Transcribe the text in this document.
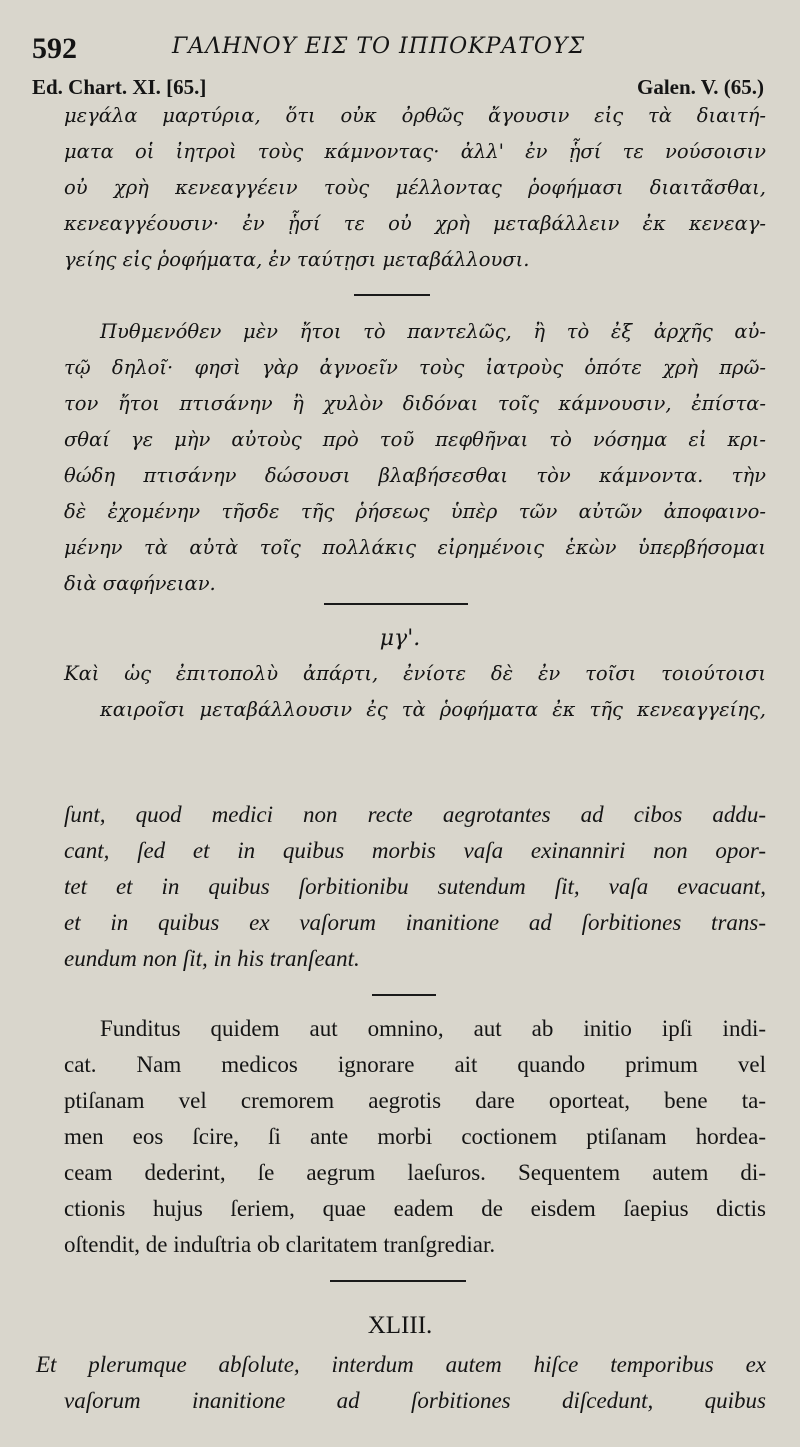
592	ΓΑΛΗΝΟΥ ΕΙΣ ΤΟ ΙΠΠΟΚΡΑΤΟΥΣ
Ed. Chart. XI. [65.]	Galen. V. (65.)
μεγάλα μαρτύρια, ὅτι οὐκ ὀρθῶς ἄγουσιν εἰς τὰ διαιτή-
ματα οἱ ἰητροὶ τοὺς κάμνοντας· ἀλλ' ἐν ᾗσί τε νούσοισιν
οὐ χρὴ κενεαγγέειν τοὺς μέλλοντας ῥοφήμασι διαιτᾶσθαι,
κενεαγγέουσιν· ἐν ᾗσί τε οὐ χρὴ μεταβάλλειν ἐκ κενεαγ-
γείης εἰς ῥοφήματα, ἐν ταύτῃσι μεταβάλλουσι.
Πυθμενόθεν μὲν ἤτοι τὸ παντελῶς, ἢ τὸ ἐξ ἀρχῆς αὐ-
τῷ δηλοῖ· φησὶ γὰρ ἀγνοεῖν τοὺς ἰατροὺς ὁπότε χρὴ πρῶ-
τον ἤτοι πτισάνην ἢ χυλὸν διδόναι τοῖς κάμνουσιν, ἐπίστα-
σθαί γε μὴν αὐτοὺς πρὸ τοῦ πεφθῆναι τὸ νόσημα εἰ κρι-
θώδη πτισάνην δώσουσι βλαβήσεσθαι τὸν κάμνοντα. τὴν
δὲ ἐχομένην τῆσδε τῆς ῥήσεως ὑπὲρ τῶν αὐτῶν ἀποφαινο-
μένην τὰ αὐτὰ τοῖς πολλάκις εἰρημένοις ἑκὼν ὑπερβήσομαι
διὰ σαφήνειαν.
μγ'.
Καὶ ὡς ἐπιτοπολὺ ἀπάρτι, ἐνίοτε δὲ ἐν τοῖσι τοιούτοισι
καιροῖσι μεταβάλλουσιν ἐς τὰ ῥοφήματα ἐκ τῆς κενεαγγείης,
ſunt, quod medici non recte aegrotantes ad cibos addu-
cant, ſed et in quibus morbis vaſa exinanniri non opor-
tet et in quibus ſorbitionibu sutendum ſit, vaſa evacuant,
et in quibus ex vaſorum inanitione ad ſorbitiones trans-
eundum non ſit, in his tranſeant.
Funditus quidem aut omnino, aut ab initio ipſi indi-
cat. Nam medicos ignorare ait quando primum vel
ptiſanam vel cremorem aegrotis dare oporteat, bene ta-
men eos ſcire, ſi ante morbi coctionem ptiſanam hordea-
ceam dederint, ſe aegrum laeſuros. Sequentem autem di-
ctionis hujus ſeriem, quae eadem de eisdem ſaepius dictis
oſtendit, de induſtria ob claritatem tranſgrediar.
XLIII.
Et plerumque abſolute, interdum autem hiſce temporibus ex
vaſorum inanitione ad ſorbitiones diſcedunt, quibus
